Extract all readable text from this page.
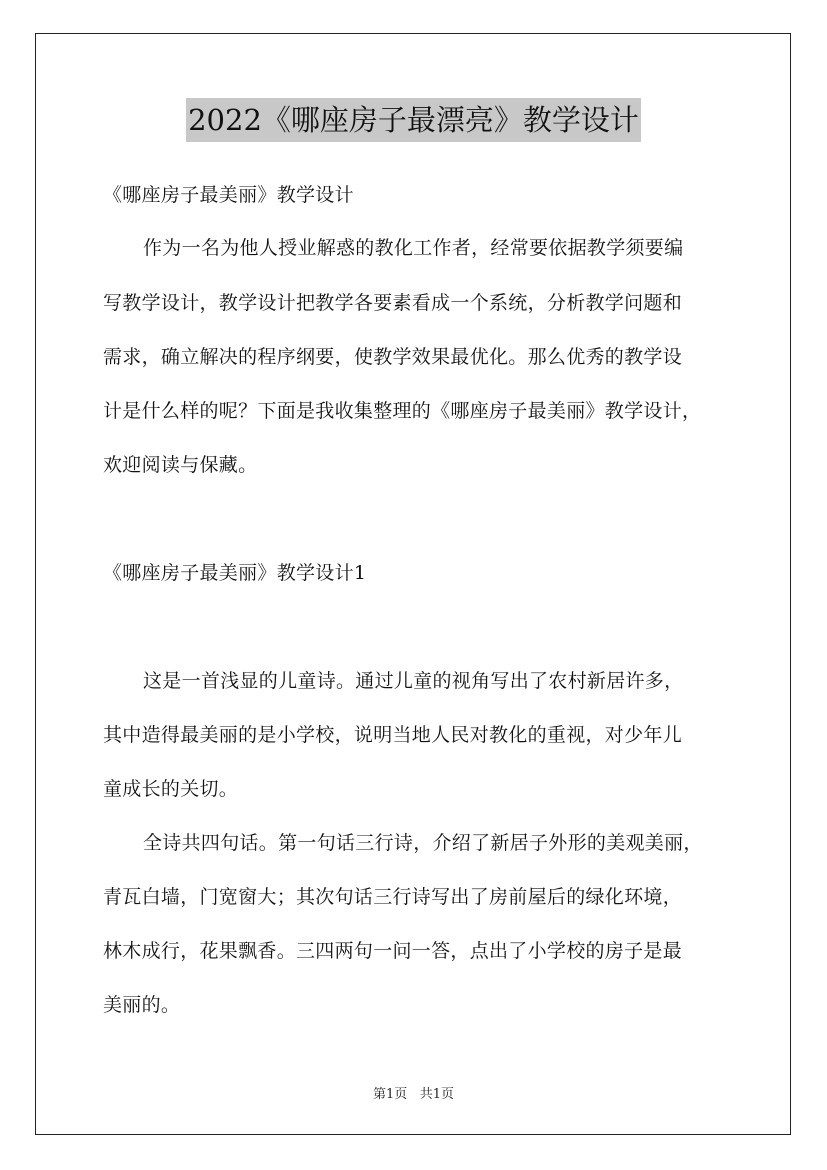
2022《哪座房子最漂亮》教学设计
《哪座房子最美丽》教学设计
作为一名为他人授业解惑的教化工作者，经常要依据教学须要编
写教学设计，教学设计把教学各要素看成一个系统，分析教学问题和
需求，确立解决的程序纲要，使教学效果最优化。那么优秀的教学设
计是什么样的呢？下面是我收集整理的《哪座房子最美丽》教学设计，
欢迎阅读与保藏。
《哪座房子最美丽》教学设计1
这是一首浅显的儿童诗。通过儿童的视角写出了农村新居许多，
其中造得最美丽的是小学校，说明当地人民对教化的重视，对少年儿
童成长的关切。
全诗共四句话。第一句话三行诗，介绍了新居子外形的美观美丽，
青瓦白墙，门宽窗大；其次句话三行诗写出了房前屋后的绿化环境，
林木成行，花果飘香。三四两句一问一答，点出了小学校的房子是最
美丽的。
第1页 共1页
